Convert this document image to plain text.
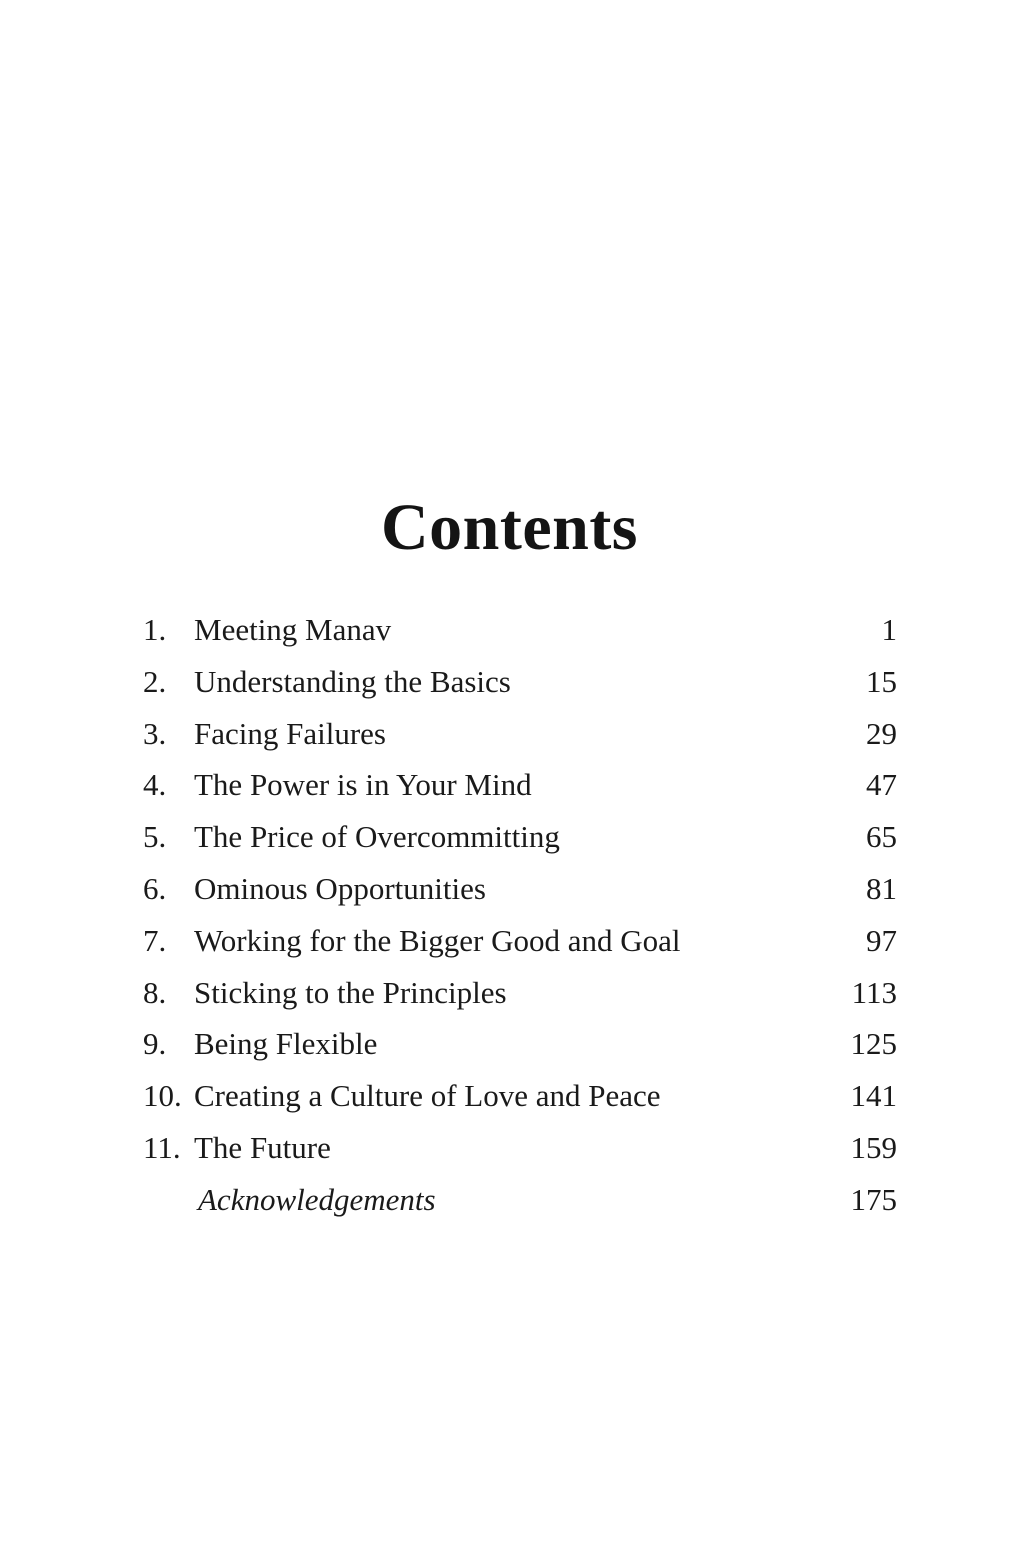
Contents
1. Meeting Manav	1
2. Understanding the Basics	15
3. Facing Failures	29
4. The Power is in Your Mind	47
5. The Price of Overcommitting	65
6. Ominous Opportunities	81
7. Working for the Bigger Good and Goal	97
8. Sticking to the Principles	113
9. Being Flexible	125
10. Creating a Culture of Love and Peace	141
11. The Future	159
Acknowledgements	175
